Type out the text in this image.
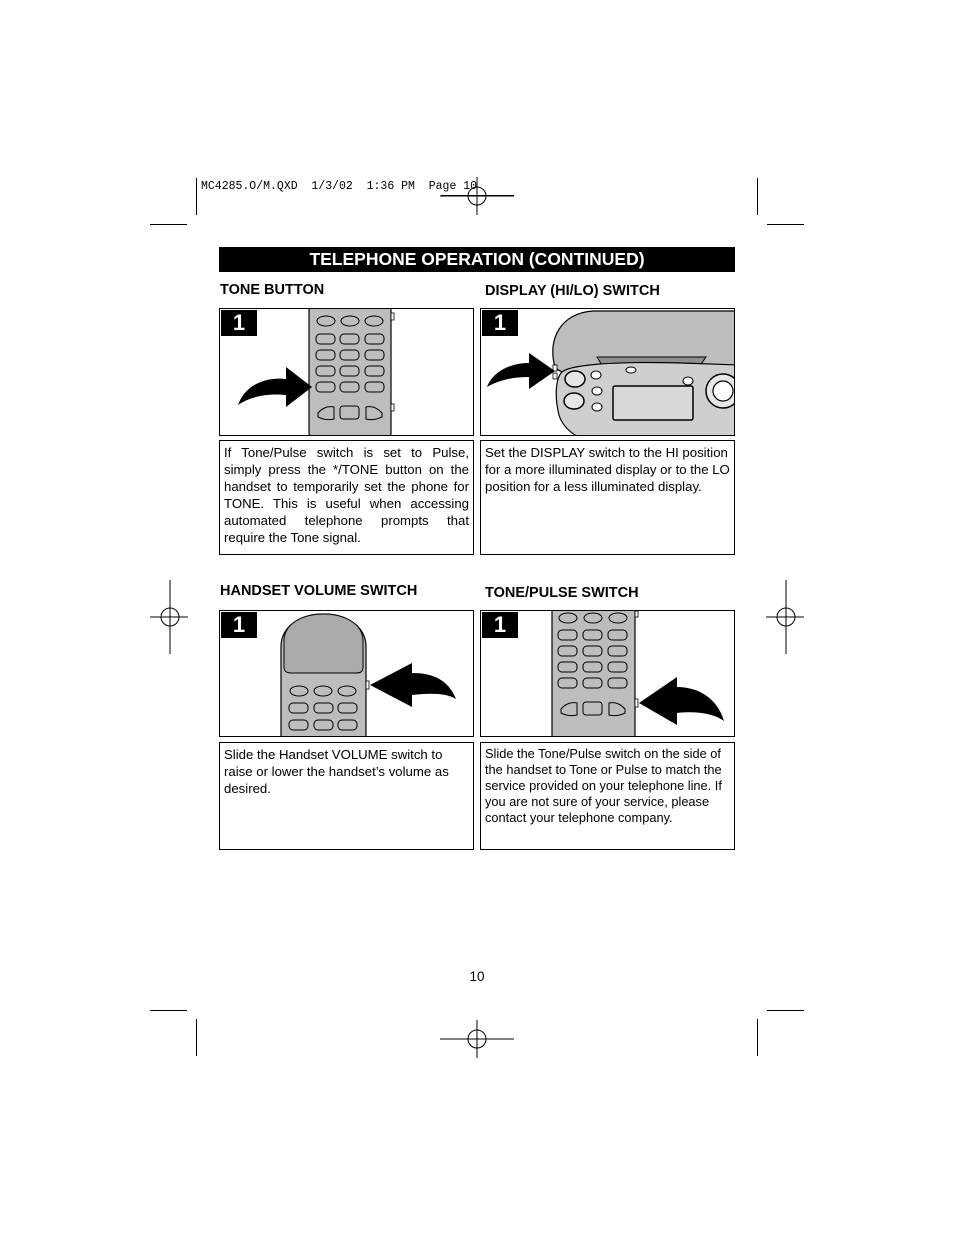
MC4285.O/M.QXD  1/3/02  1:36 PM  Page 10
TELEPHONE OPERATION (CONTINUED)
TONE BUTTON
1
If Tone/Pulse switch is set to Pulse, simply press the */TONE button on the handset to temporarily set the phone for TONE. This is useful when accessing automated telephone prompts that require the Tone signal.
DISPLAY (HI/LO) SWITCH
1
Set the DISPLAY switch to the HI position for a more illuminated display or to the LO position for a less illuminated display.
HANDSET VOLUME SWITCH
1
Slide the Handset VOLUME switch to raise or lower the handset’s volume as desired.
TONE/PULSE SWITCH
1
Slide the Tone/Pulse switch on the side of the handset to Tone or Pulse to match the service provided on your telephone line. If you are not sure of your service, please contact your telephone company.
10
